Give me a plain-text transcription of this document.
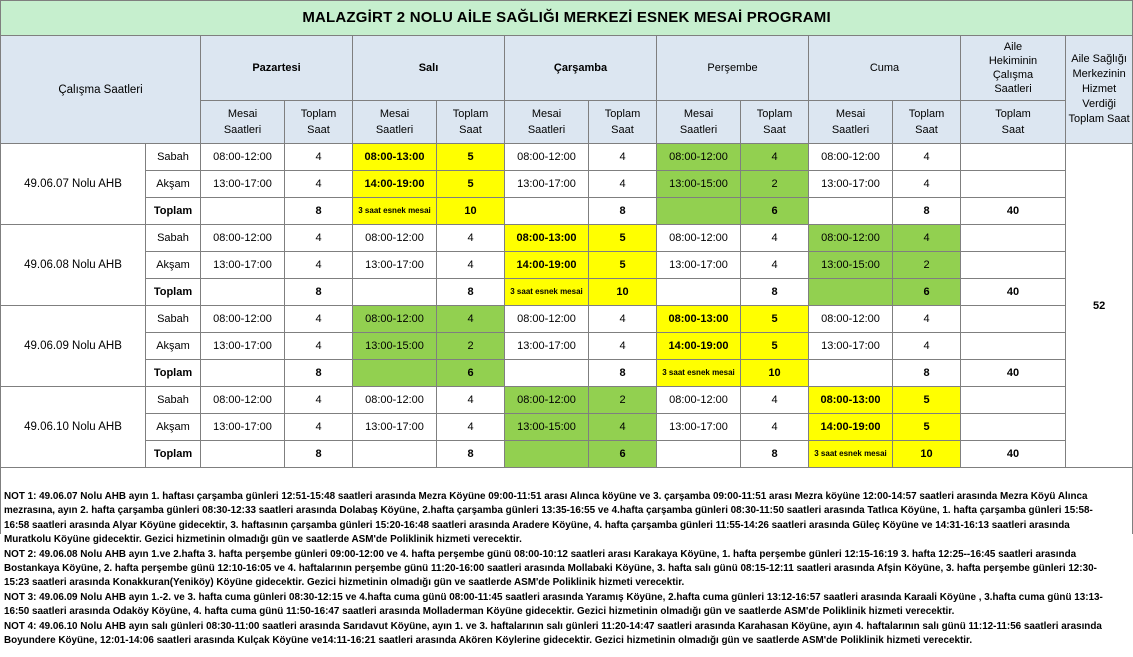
MALAZGİRT 2 NOLU AİLE SAĞLIĞI MERKEZİ ESNEK MESAİ PROGRAMI													
Çalışma Saatleri		Pazartesi		Salı		Çarşamba		Perşembe		Cuma		Aile Hekiminin Çalışma Saatleri	Aile Sağlığı Merkezinin Hizmet Verdiği Toplam Saat
		Mesai Saatleri	Toplam Saat	Mesai Saatleri	Toplam Saat	Mesai Saatleri	Toplam Saat	Mesai Saatleri	Toplam Saat	Mesai Saatleri	Toplam Saat	Toplam Saat	
49.06.07 Nolu AHB	Sabah	08:00-12:00	4	08:00-13:00	5	08:00-12:00	4	08:00-12:00	4	08:00-12:00	4		52
	Akşam	13:00-17:00	4	14:00-19:00	5	13:00-17:00	4	13:00-15:00	2	13:00-17:00	4		
	Toplam		8	3 saat esnek mesai	10		8		6		8	40	
49.06.08 Nolu AHB	Sabah	08:00-12:00	4	08:00-12:00	4	08:00-13:00	5	08:00-12:00	4	08:00-12:00	4		
	Akşam	13:00-17:00	4	13:00-17:00	4	14:00-19:00	5	13:00-17:00	4	13:00-15:00	2		
	Toplam		8		8	3 saat esnek mesai	10		8		6	40	
49.06.09 Nolu AHB	Sabah	08:00-12:00	4	08:00-12:00	4	08:00-12:00	4	08:00-13:00	5	08:00-12:00	4		
	Akşam	13:00-17:00	4	13:00-15:00	2	13:00-17:00	4	14:00-19:00	5	13:00-17:00	4		
	Toplam		8		6		8	3 saat esnek mesai	10		8	40	
49.06.10 Nolu AHB	Sabah	08:00-12:00	4	08:00-12:00	4	08:00-12:00	2	08:00-12:00	4	08:00-13:00	5		
	Akşam	13:00-17:00	4	13:00-17:00	4	13:00-15:00	4	13:00-17:00	4	14:00-19:00	5		
	Toplam		8		8		6		8	3 saat esnek mesai	10	40	

NOT 1: 49.06.07 Nolu AHB ayın 1. haftası çarşamba günleri 12:51-15:48 saatleri arasında Mezra Köyüne 09:00-11:51 arası Alınca köyüne ve 3. çarşamba 09:00-11:51 arası Mezra köyüne 12:00-14:57 saatleri arasında Mezra Köyü Alınca mezrasına, ayın 2. hafta çarşamba günleri 08:30-12:33 saatleri arasında Dolabaş Köyüne, 2.hafta çarşamba günleri 13:35-16:55 ve 4.hafta çarşamba günleri 08:30-11:50 saatleri arasında Tatlıca Köyüne, 1. hafta çarşamba günleri 15:58-16:58 saatleri arasında Alyar Köyüne gidecektir, 3. haftasının çarşamba günleri 15:20-16:48 saatleri arasında Aradere Köyüne, 4. hafta çarşamba günleri 11:55-14:26 saatleri arasında Güleç Köyüne ve 14:31-16:13 saatleri arasında Muratkolu Köyüne gidecektir. Gezici hizmetinin olmadığı gün ve saatlerde ASM'de Poliklinik hizmeti verecektir.

NOT 2: 49.06.08 Nolu AHB ayın 1.ve 2.hafta 3. hafta perşembe günleri 09:00-12:00 ve 4. hafta perşembe günü 08:00-10:12 saatleri arası Karakaya Köyüne, 1. hafta perşembe günleri 12:15-16:19 3. hafta 12:25--16:45 saatleri arasında Bostankaya Köyüne, 2. hafta perşembe günü 12:10-16:05 ve 4. haftalarının perşembe günü 11:20-16:00 saatleri arasında Mollabaki Köyüne, 3. hafta salı günü 08:15-12:11 saatleri arasında Afşin Köyüne, 3. hafta perşembe günleri 12:30-15:23 saatleri arasında Konakkuran(Yeniköy) Köyüne gidecektir. Gezici hizmetinin olmadığı gün ve saatlerde ASM'de Poliklinik hizmeti verecektir.

NOT 3: 49.06.09 Nolu AHB ayın 1.-2. ve 3. hafta cuma günleri 08:30-12:15 ve 4.hafta cuma günü 08:00-11:45 saatleri arasında Yaramış Köyüne, 2.hafta cuma günleri 13:12-16:57 saatleri arasında Karaali Köyüne , 3.hafta cuma günü 13:13-16:50 saatleri arasında Odaköy Köyüne, 4. hafta cuma günü 11:50-16:47 saatleri arasında Molladerman Köyüne gidecektir. Gezici hizmetinin olmadığı gün ve saatlerde ASM'de Poliklinik hizmeti verecektir.

NOT 4: 49.06.10 Nolu AHB ayın salı günleri 08:30-11:00 saatleri arasında Sarıdavut Köyüne, ayın 1. ve 3. haftalarının salı günleri 11:20-14:47 saatleri arasında Karahasan Köyüne, ayın 4. haftalarının salı günü 11:12-11:56 saatleri arasında Boyundere Köyüne, 12:01-14:06 saatleri arasında Kulçak Köyüne ve14:11-16:21 saatleri arasında Akören Köylerine gidecektir. Gezici hizmetinin olmadığı gün ve saatlerde ASM'de Poliklinik hizmeti verecektir.
